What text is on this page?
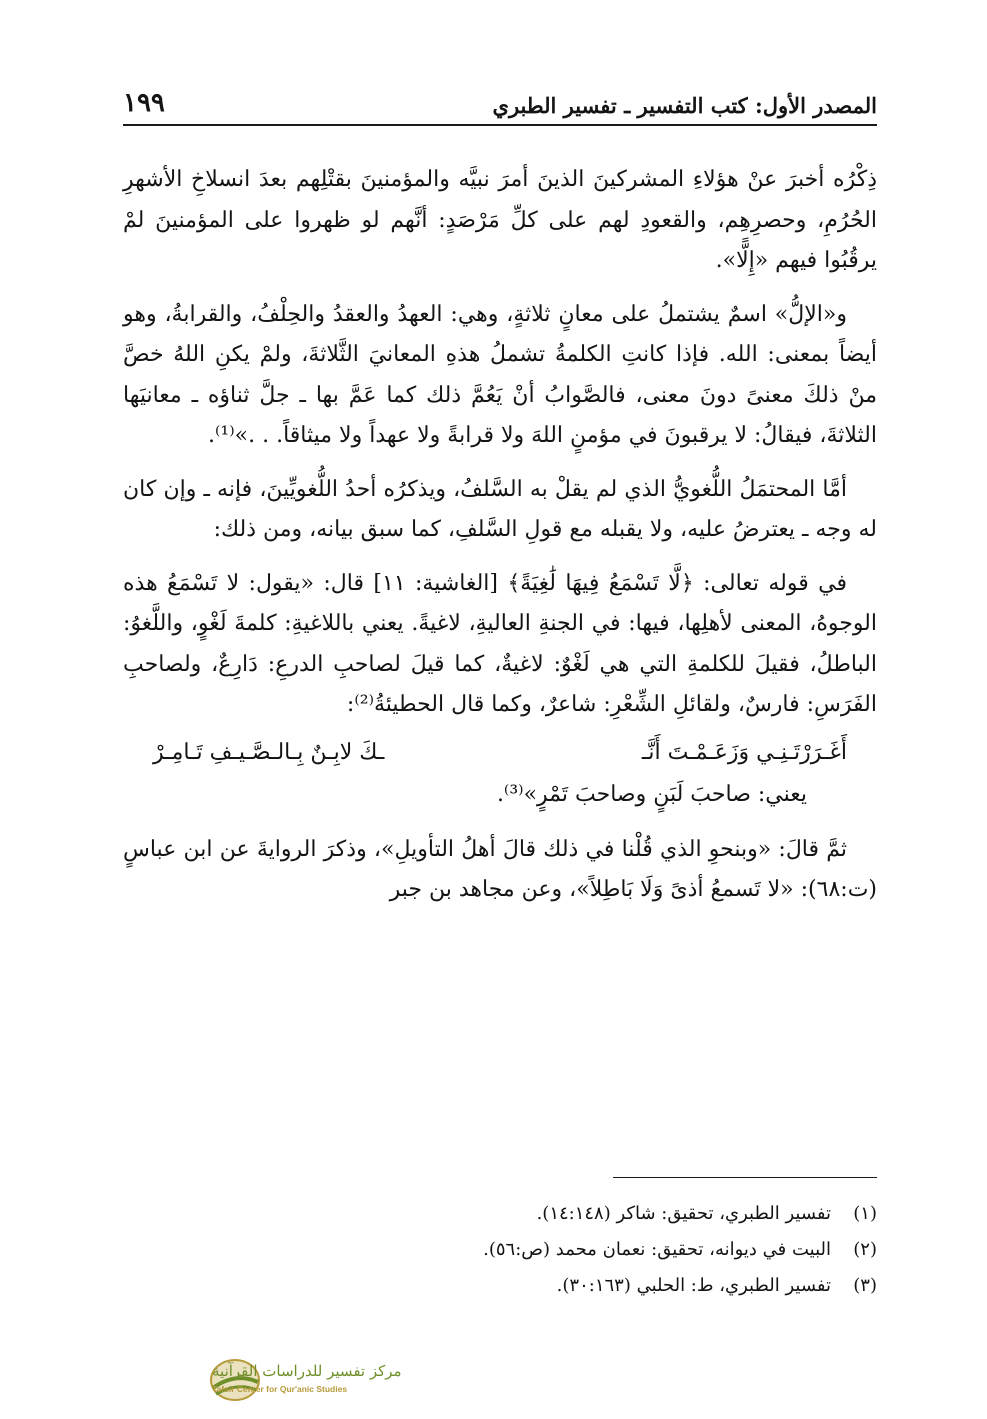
المصدر الأول: كتب التفسير ـ تفسير الطبري
١٩٩

ذِكْرُه أخبرَ عنْ هؤلاءِ المشركينَ الذينَ أمرَ نبيَّه والمؤمنينَ بقتْلِهم بعدَ انسلاخِ الأشهرِ الحُرُمِ، وحصرِهِم، والقعودِ لهم على كلِّ مَرْصَدٍ: أنَّهم لو ظهروا على المؤمنينَ لمْ يرقُبُوا فيهم «إِلًّا».

و«الإلُّ» اسمٌ يشتملُ على معانٍ ثلاثةٍ، وهي: العهدُ والعقدُ والحِلْفُ، والقرابةُ، وهو أيضاً بمعنى: الله. فإذا كانتِ الكلمةُ تشملُ هذهِ المعانيَ الثَّلاثةَ، ولمْ يكنِ اللهُ خصَّ منْ ذلكَ معنىً دونَ معنى، فالصَّوابُ أنْ يَعُمَّ ذلك كما عَمَّ بها ـ جلَّ ثناؤه ـ معانيَها الثلاثةَ، فيقالُ: لا يرقبونَ في مؤمنٍ اللهَ ولا قرابةً ولا عهداً ولا ميثاقاً. . .»⁽¹⁾.

أمَّا المحتمَلُ اللُّغويُّ الذي لم يقلْ به السَّلفُ، ويذكرُه أحدُ اللُّغويِّينَ، فإنه ـ وإن كان له وجه ـ يعترضُ عليه، ولا يقبله مع قولِ السَّلفِ، كما سبق بيانه، ومن ذلك:

في قوله تعالى: ﴿لَّا تَسْمَعُ فِيهَا لَٰغِيَةً﴾ [الغاشية: ١١] قال: «يقول: لا تَسْمَعُ هذه الوجوهُ، المعنى لأهلِها، فيها: في الجنةِ العاليةِ، لاغيةً. يعني باللاغيةِ: كلمةَ لَغْوٍ، واللَّغوُ: الباطلُ، فقيلَ للكلمةِ التي هي لَغْوٌ: لاغيةٌ، كما قيلَ لصاحبِ الدرعِ: دَارِعٌ، ولصاحبِ الفَرَسِ: فارسٌ، ولقائلِ الشِّعْرِ: شاعرٌ، وكما قال الحطيئةُ⁽²⁾:

أَغَـرَرْتَـنِـي وَزَعَـمْـتَ أَنَّـ
ـكَ لابِـنٌ بِـالـصَّـيـفِ تَـامِـرْ
يعني: صاحبَ لَبَنٍ وصاحبَ تَمْرٍ»⁽³⁾.

ثمَّ قالَ: «وبنحوِ الذي قُلْنا في ذلك قالَ أهلُ التأويلِ»، وذكرَ الروايةَ عن ابن عباسٍ (ت:٦٨): «لا تَسمعُ أذىً وَلَا بَاطِلاً»، وعن مجاهد بن جبر

(١)
تفسير الطبري، تحقيق: شاكر (١٤:١٤٨).
(٢)
البيت في ديوانه، تحقيق: نعمان محمد (ص:٥٦).
(٣)
تفسير الطبري، ط: الحلبي (٣٠:١٦٣).
مركز تفسير للدراسات القرآنية
Tafsir Center for Qur'anic Studies
